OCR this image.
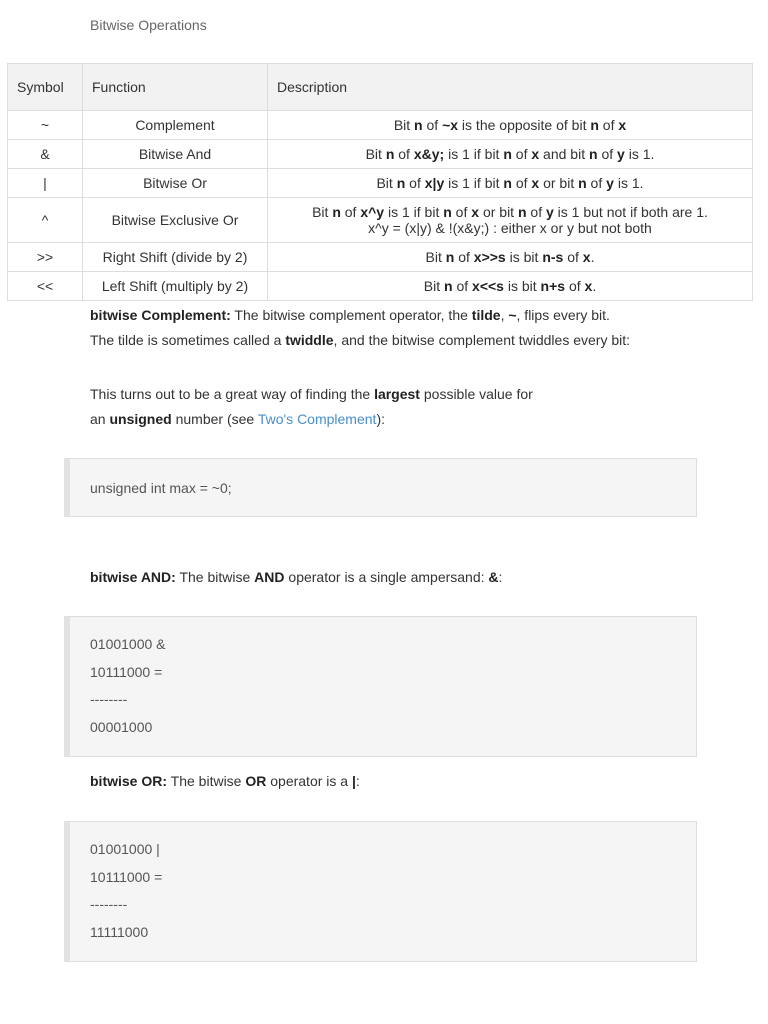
Bitwise Operations
Symbol	Function	Description
~	Complement	Bit n of ~x is the opposite of bit n of x
&	Bitwise And	Bit n of x&y; is 1 if bit n of x and bit n of y is 1.
|	Bitwise Or	Bit n of x|y is 1 if bit n of x or bit n of y is 1.
^	Bitwise Exclusive Or	Bit n of x^y is 1 if bit n of x or bit n of y is 1 but not if both are 1.
x^y = (x|y) & !(x&y;) : either x or y but not both
>>	Right Shift (divide by 2)	Bit n of x>>s is bit n-s of x.
<<	Left Shift (multiply by 2)	Bit n of x<<s is bit n+s of x.

bitwise Complement: The bitwise complement operator, the tilde, ~, flips every bit.
The tilde is sometimes called a twiddle, and the bitwise complement twiddles every bit:

This turns out to be a great way of finding the largest possible value for
an unsigned number (see Two's Complement):

unsigned int max = ~0;

bitwise AND: The bitwise AND operator is a single ampersand: &:

01001000 &
10111000 =
--------
00001000

bitwise OR: The bitwise OR operator is a |:

01001000 |
10111000 =
--------
11111000
